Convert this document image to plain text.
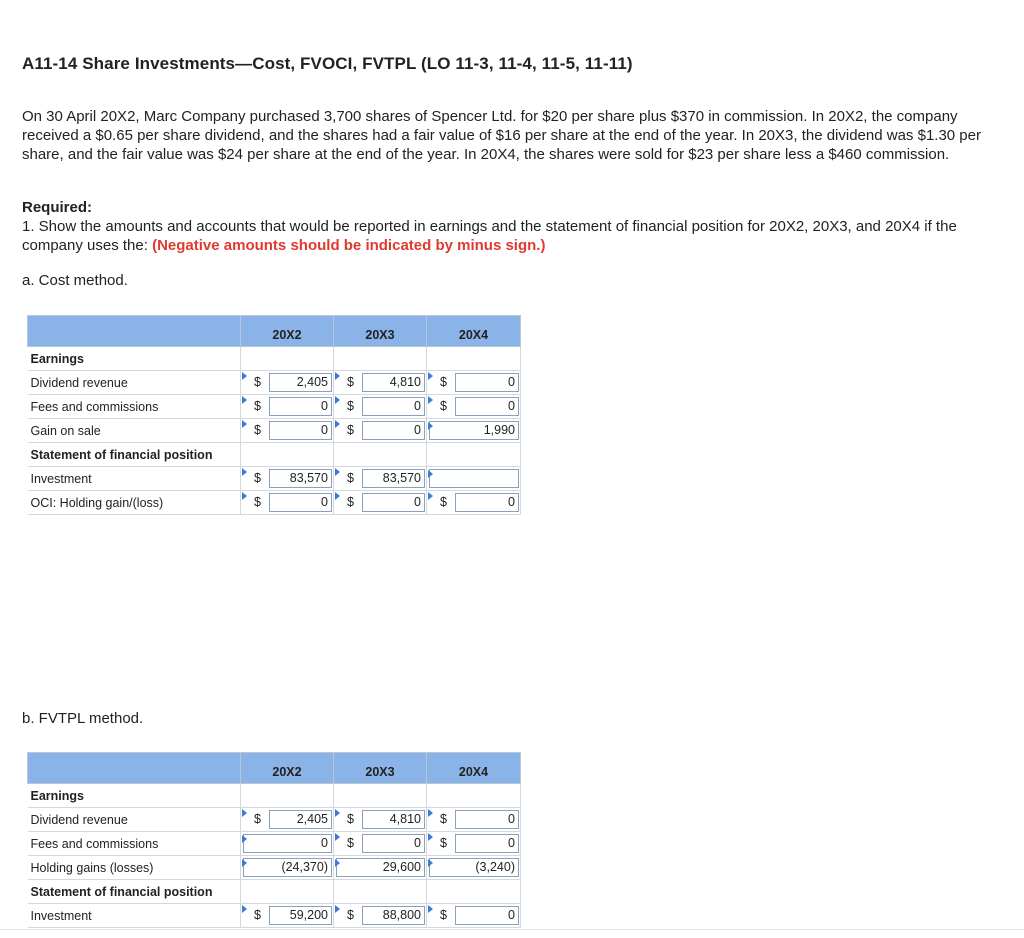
A11-14 Share Investments—Cost, FVOCI, FVTPL (LO 11-3, 11-4, 11-5, 11-11)
On 30 April 20X2, Marc Company purchased 3,700 shares of Spencer Ltd. for $20 per share plus $370 in commission. In 20X2, the company received a $0.65 per share dividend, and the shares had a fair value of $16 per share at the end of the year. In 20X3, the dividend was $1.30 per share, and the fair value was $24 per share at the end of the year. In 20X4, the shares were sold for $23 per share less a $460 commission.
Required:
1. Show the amounts and accounts that would be reported in earnings and the statement of financial position for 20X2, 20X3, and 20X4 if the company uses the: (Negative amounts should be indicated by minus sign.)
a. Cost method.
	20X2	20X3	20X4
Earnings			
Dividend revenue	$ 2,405	$ 4,810	$ 0

Fees and commissions	$ 0	$ 0	$ 0

Gain on sale	$ 0	$ 0	1,990

Statement of financial position			
Investment	$ 83,570	$ 83,570	

OCI: Holding gain/(loss)	$ 0	$ 0	$ 0
b. FVTPL method.
	20X2	20X3	20X4
Earnings			
Dividend revenue	$ 2,405	$ 4,810	$ 0

Fees and commissions	0	$ 0	$ 0

Holding gains (losses)	(24,370)	29,600	(3,240)

Statement of financial position			
Investment	$ 59,200	$ 88,800	$ 0
